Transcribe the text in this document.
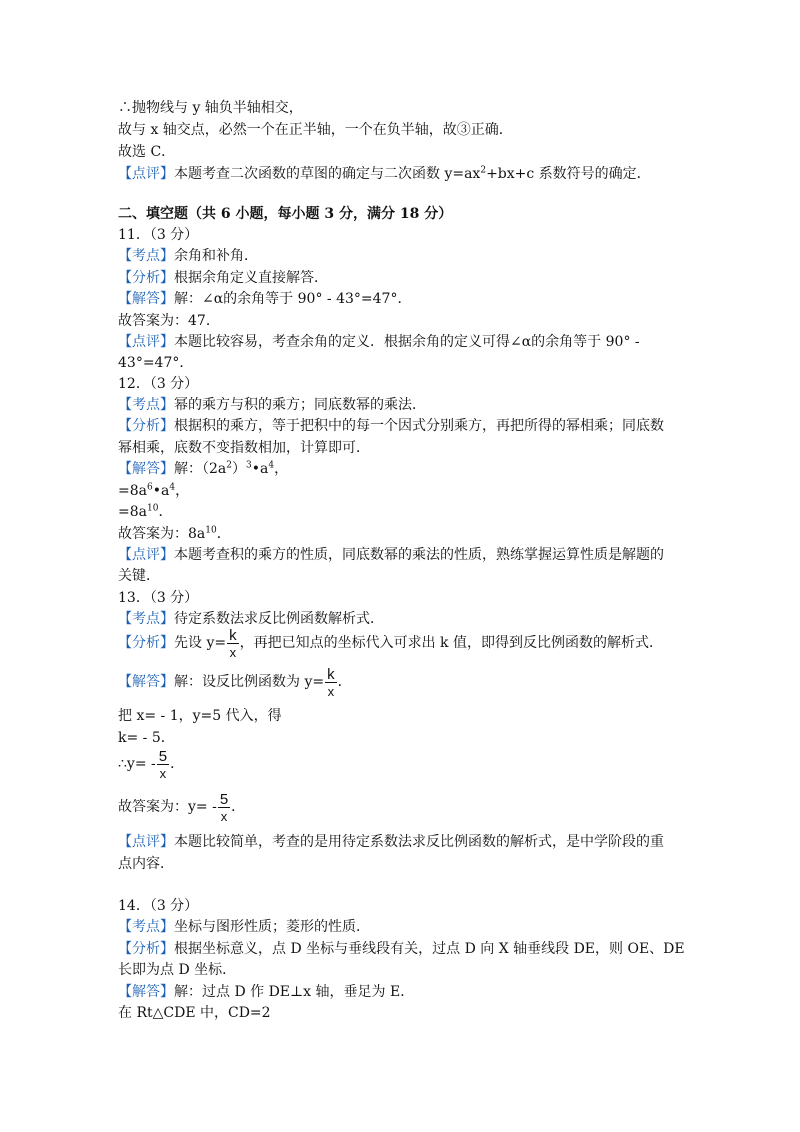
∴抛物线与 y 轴负半轴相交，
故与 x 轴交点，必然一个在正半轴，一个在负半轴，故③正确．
故选 C．
【点评】本题考查二次函数的草图的确定与二次函数 $y=ax^2+bx+c$ 系数符号的确定．
二、填空题（共 6 小题，每小题 3 分，满分 18 分）
11．（3 分）
【考点】余角和补角．
【分析】根据余角定义直接解答．
【解答】解：∠α的余角等于 90° - 43°=47°．
故答案为：47．
【点评】本题比较容易，考查余角的定义．根据余角的定义可得∠α的余角等于 90° -
43°=47°．
12．（3 分）
【考点】幂的乘方与积的乘方；同底数幂的乘法．
【分析】根据积的乘方，等于把积中的每一个因式分别乘方，再把所得的幂相乘；同底数
幂相乘，底数不变指数相加，计算即可．
【解答】解：$(2a^2)^3•a^4$，
$=8a^6•a^4$，
$=8a^{10}$．
故答案为：$8a^{10}$．
【点评】本题考查积的乘方的性质，同底数幂的乘法的性质，熟练掌握运算性质是解题的
关键．
13．（3 分）
【考点】待定系数法求反比例函数解析式．
【分析】先设 $y= \frac{k}{x}$ ，再把已知点的坐标代入可求出 k 值，即得到反比例函数的解析式．
【解答】解：设反比例函数为 $y= \frac{k}{x}$ ．
把 x= - 1，y=5 代入，得
k= - 5．
∴y= - $\frac{5}{x}$ ．
故答案为：$y= - \frac{5}{x}$ ．
【点评】本题比较简单，考查的是用待定系数法求反比例函数的解析式，是中学阶段的重
点内容．
14．（3 分）
【考点】坐标与图形性质；菱形的性质．
【分析】根据坐标意义，点 D 坐标与垂线段有关，过点 D 向 X 轴垂线段 DE，则 OE、DE
长即为点 D 坐标．
【解答】解：过点 D 作 DE⊥x 轴，垂足为 E．
在 Rt△CDE 中，CD=2
